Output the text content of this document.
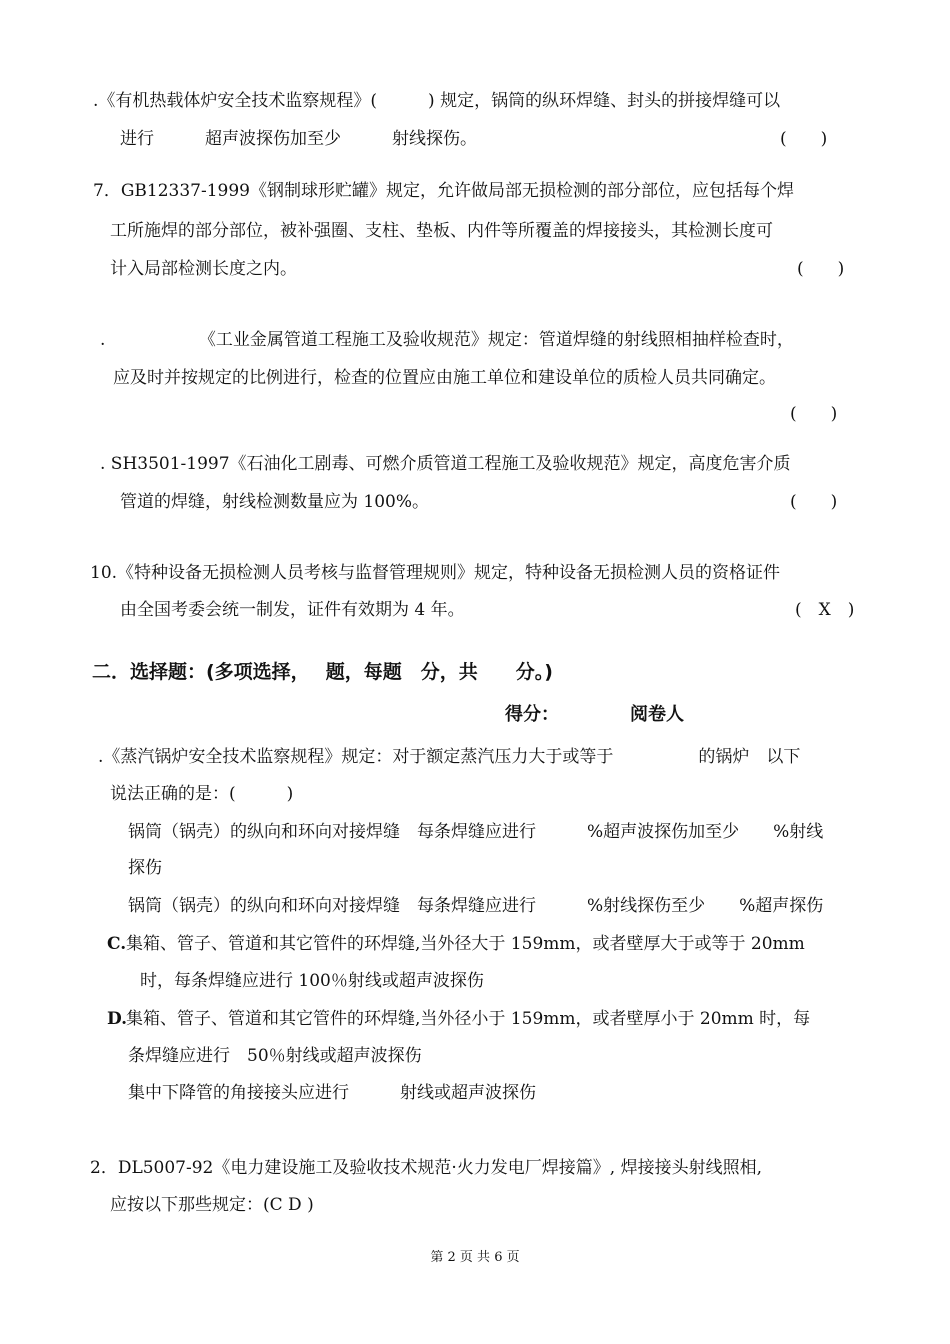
.《有机热载体炉安全技术监察规程》(　　　) 规定，锅筒的纵环焊缝、封头的拼接焊缝可以
进行　　　超声波探伤加至少　　　射线探伤。	(　　)
7．GB12337-1999《钢制球形贮罐》规定，允许做局部无损检测的部分部位，应包括每个焊
工所施焊的部分部位，被补强圈、支柱、垫板、内件等所覆盖的焊接接头，其检测长度可
计入局部检测长度之内。	(　　)
.　　　　　　《工业金属管道工程施工及验收规范》规定：管道焊缝的射线照相抽样检查时，
应及时并按规定的比例进行，检查的位置应由施工单位和建设单位的质检人员共同确定。
(　　)
. SH3501-1997《石油化工剧毒、可燃介质管道工程施工及验收规范》规定，高度危害介质
管道的焊缝，射线检测数量应为 100%。	(　　)
10.《特种设备无损检测人员考核与监督管理规则》规定，特种设备无损检测人员的资格证件
由全国考委会统一制发，证件有效期为 4 年。	(　X　)
二．选择题：(多项选择，　 题，每题　分，共　　分。)
得分：	阅卷人
.《蒸汽锅炉安全技术监察规程》规定：对于额定蒸汽压力大于或等于　　　　　的锅炉　以下
说法正确的是：(　　　)
锅筒（锅壳）的纵向和环向对接焊缝　每条焊缝应进行　　　%超声波探伤加至少　　%射线
探伤
锅筒（锅壳）的纵向和环向对接焊缝　每条焊缝应进行　　　%射线探伤至少　　%超声探伤
C. 集箱、管子、管道和其它管件的环焊缝,当外径大于 159mm，或者壁厚大于或等于 20mm
时，每条焊缝应进行 100％射线或超声波探伤
D.
集箱、管子、管道和其它管件的环焊缝,当外径小于 159mm，或者壁厚小于 20mm 时，每
条焊缝应进行　50％射线或超声波探伤
集中下降管的角接接头应进行　　　射线或超声波探伤
2．DL5007-92《电力建设施工及验收技术规范·火力发电厂焊接篇》, 焊接接头射线照相,
应按以下那些规定：(C D )
第 2 页 共 6 页
